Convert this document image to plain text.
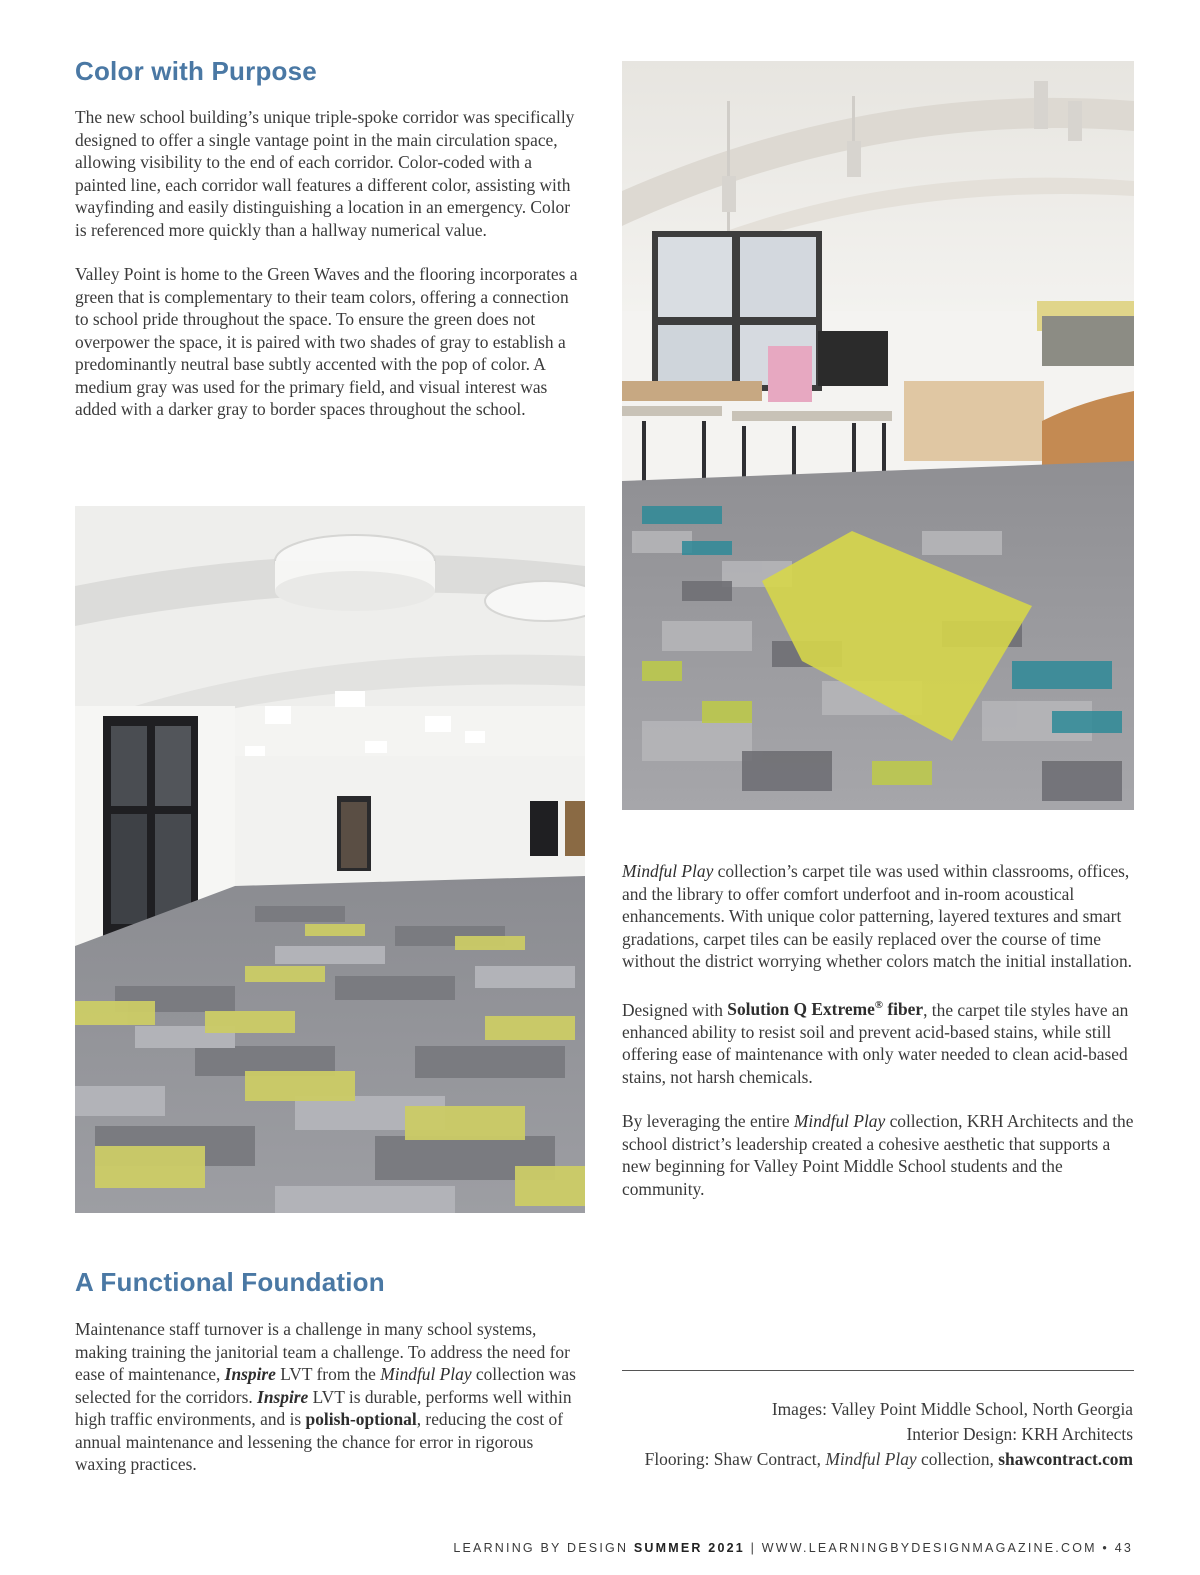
Color with Purpose

The new school building’s unique triple-spoke corridor was specifically designed to offer a single vantage point in the main circulation space, allowing visibility to the end of each corridor. Color-coded with a painted line, each corridor wall features a different color, assisting with wayfinding and easily distinguishing a location in an emergency. Color is referenced more quickly than a hallway numerical value.

Valley Point is home to the Green Waves and the flooring incorporates a green that is complementary to their team colors, offering a connection to school pride throughout the space. To ensure the green does not overpower the space, it is paired with two shades of gray to establish a predominantly neutral base subtly accented with the pop of color. A medium gray was used for the primary field, and visual interest was added with a darker gray to border spaces throughout the school.

Mindful Play collection’s carpet tile was used within classrooms, offices, and the library to offer comfort underfoot and in-room acoustical enhancements. With unique color patterning, layered textures and smart gradations, carpet tiles can be easily replaced over the course of time without the district worrying whether colors match the initial installation.

Designed with Solution Q Extreme® fiber, the carpet tile styles have an enhanced ability to resist soil and prevent acid-based stains, while still offering ease of maintenance with only water needed to clean acid-based stains, not harsh chemicals.

By leveraging the entire Mindful Play collection, KRH Architects and the school district’s leadership created a cohesive aesthetic that supports a new beginning for Valley Point Middle School students and the community.

A Functional Foundation

Maintenance staff turnover is a challenge in many school systems, making training the janitorial team a challenge. To address the need for ease of maintenance, Inspire LVT from the Mindful Play collection was selected for the corridors. Inspire LVT is durable, performs well within high traffic environments, and is polish-optional, reducing the cost of annual maintenance and lessening the chance for error in rigorous waxing practices.

Images: Valley Point Middle School, North Georgia
Interior Design: KRH Architects
Flooring: Shaw Contract, Mindful Play collection, shawcontract.com
LEARNING BY DESIGN SUMMER 2021 | WWW.LEARNINGBYDESIGNMAGAZINE.COM • 43
